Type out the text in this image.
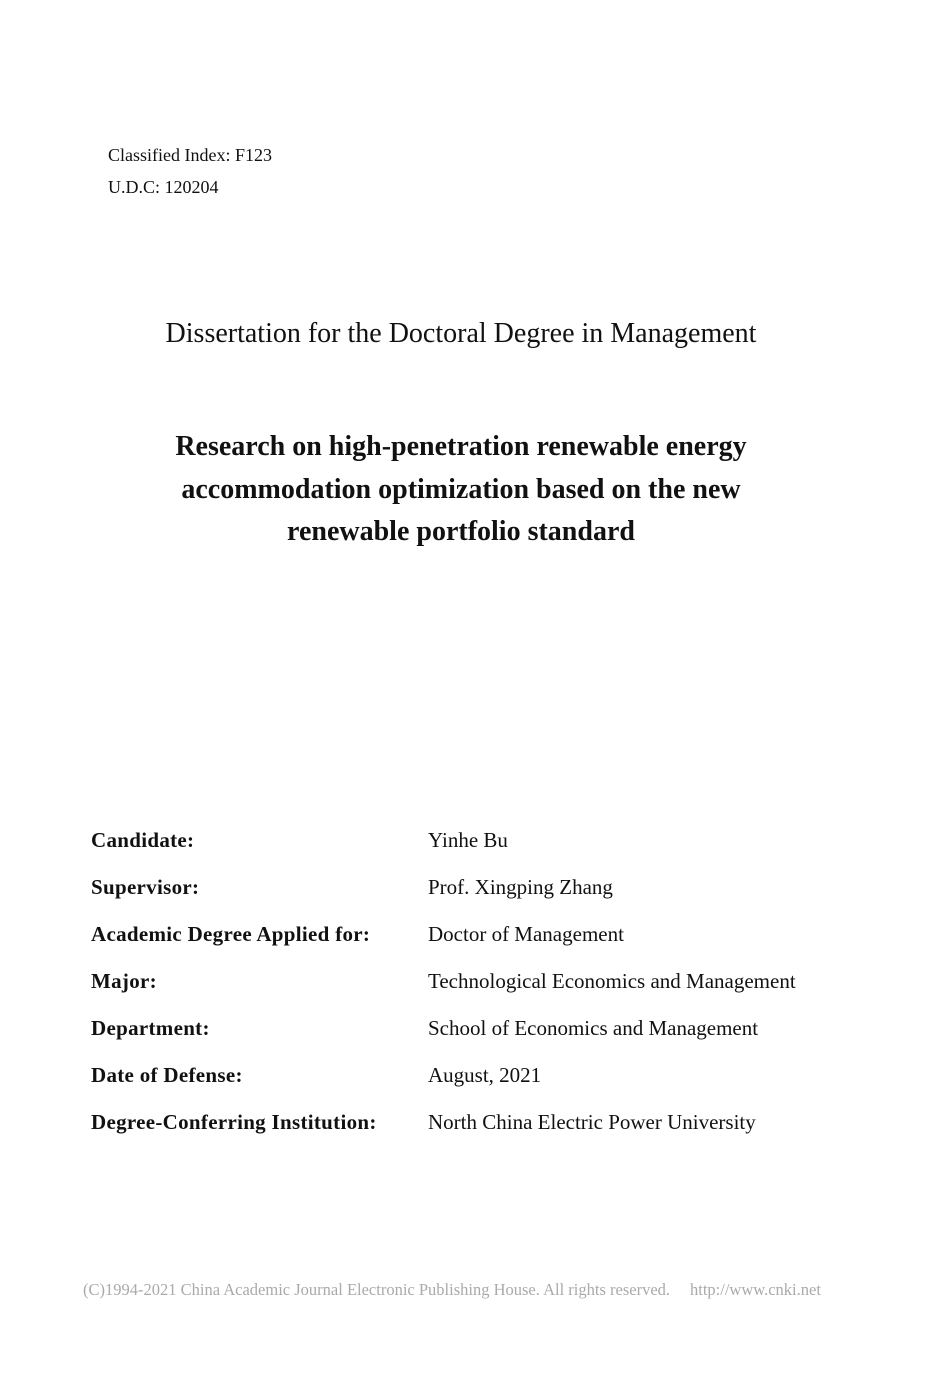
Classified Index: F123
U.D.C: 120204
Dissertation for the Doctoral Degree in Management
Research on high-penetration renewable energy
accommodation optimization based on the new
renewable portfolio standard
Candidate:	Yinhe Bu
Supervisor:	Prof. Xingping Zhang
Academic Degree Applied for:	Doctor of Management
Major:	Technological Economics and Management
Department:	School of Economics and Management
Date of Defense:	August, 2021
Degree-Conferring Institution: North China Electric Power University
(C)1994-2021 China Academic Journal Electronic Publishing House. All rights reserved. http://www.cnki.net
